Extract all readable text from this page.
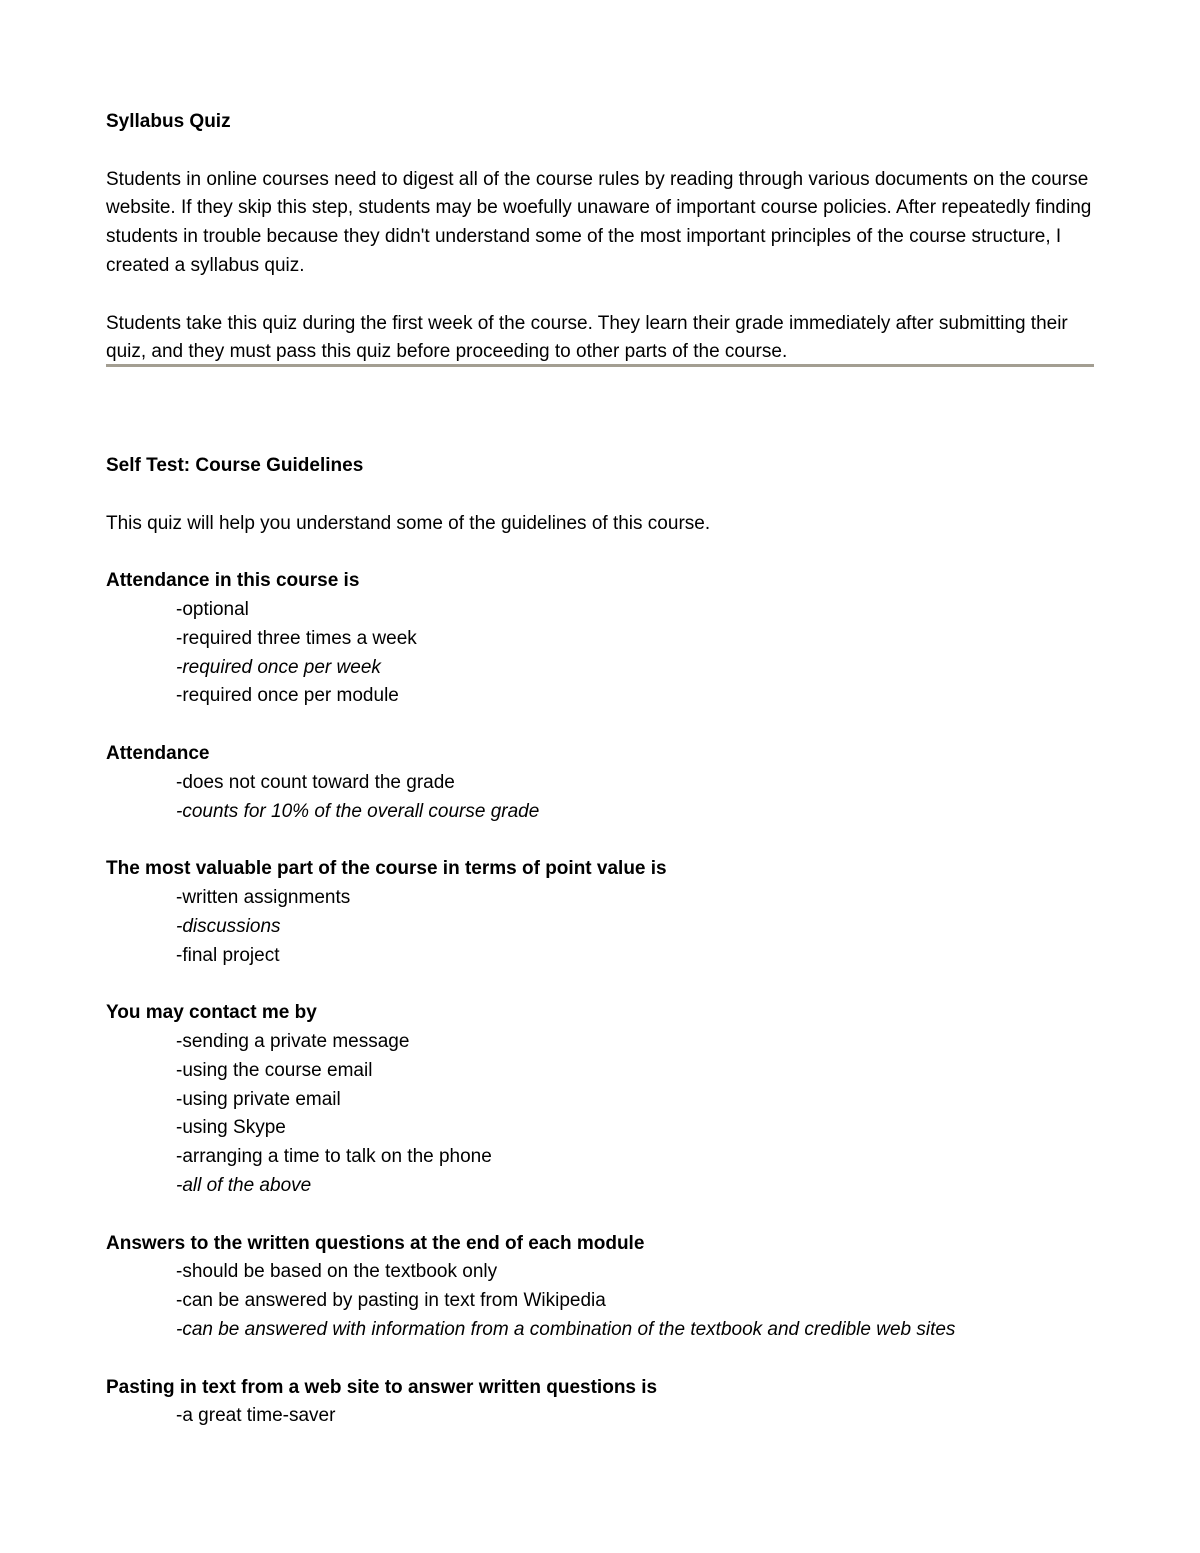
Syllabus Quiz

Students in online courses need to digest all of the course rules by reading through various documents on the course website. If they skip this step, students may be woefully unaware of important course policies. After repeatedly finding students in trouble because they didn't understand some of the most important principles of the course structure, I created a syllabus quiz.

Students take this quiz during the first week of the course. They learn their grade immediately after submitting their quiz, and they must pass this quiz before proceeding to other parts of the course.

Self Test: Course Guidelines

This quiz will help you understand some of the guidelines of this course.

Attendance in this course is

-optional

-required three times a week

-required once per week

-required once per module

Attendance

-does not count toward the grade

-counts for 10% of the overall course grade

The most valuable part of the course in terms of point value is

-written assignments

-discussions

-final project

You may contact me by

-sending a private message

-using the course email

-using private email

-using Skype

-arranging a time to talk on the phone

-all of the above

Answers to the written questions at the end of each module

-should be based on the textbook only

-can be answered by pasting in text from Wikipedia

-can be answered with information from a combination of the textbook and credible web sites

Pasting in text from a web site to answer written questions is

-a great time-saver
